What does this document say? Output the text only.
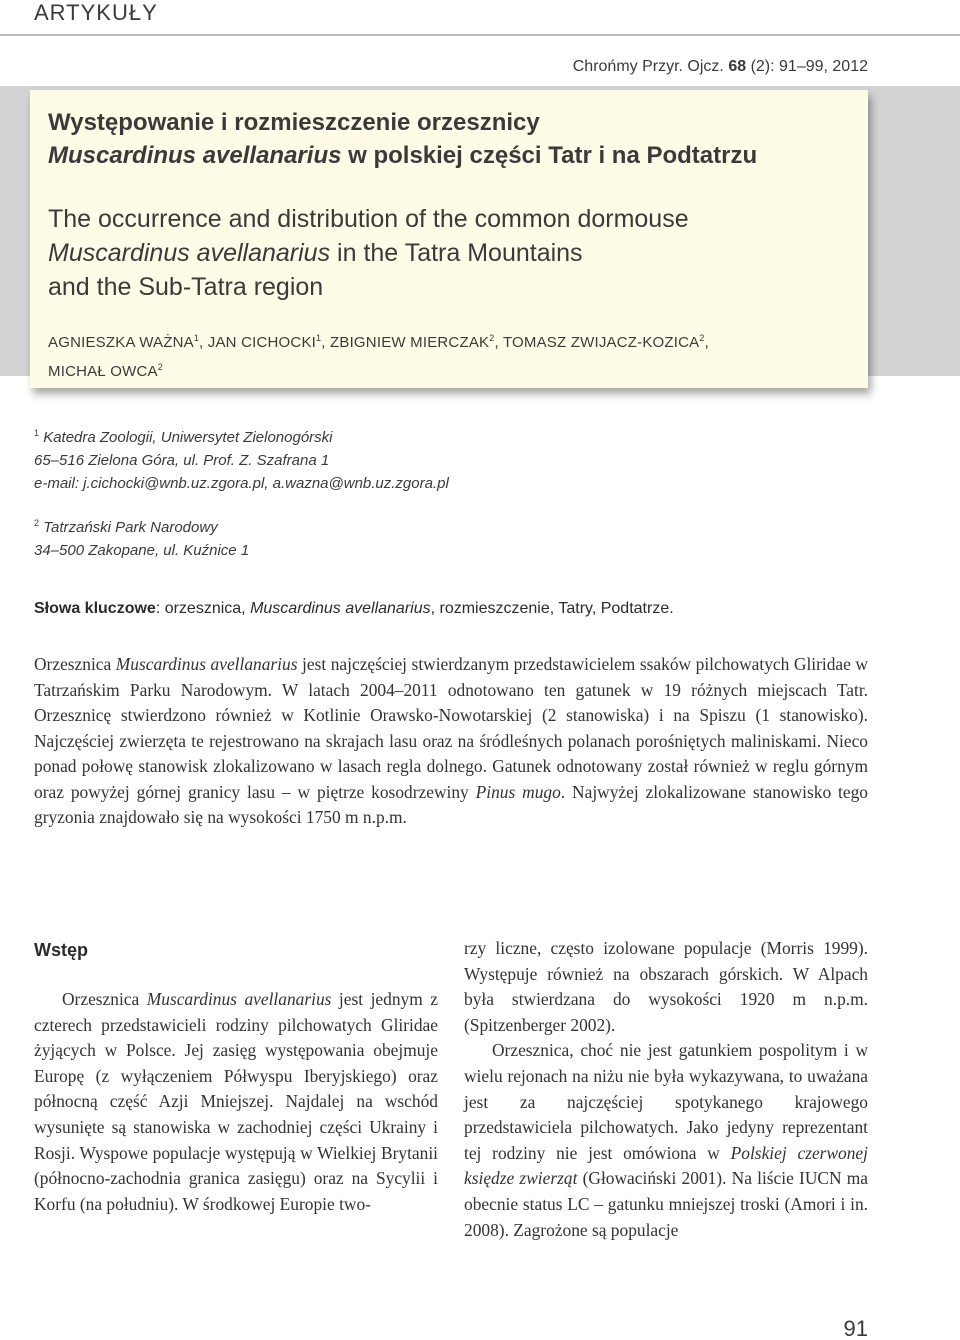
ARTYKUŁY
Chrońmy Przyr. Ojcz. 68 (2): 91–99, 2012
Występowanie i rozmieszczenie orzesznicy
Muscardinus avellanarius w polskiej części Tatr i na Podtatrzu
The occurrence and distribution of the common dormouse
Muscardinus avellanarius in the Tatra Mountains
and the Sub-Tatra region
AGNIESZKA WAŻNA$^1$, JAN CICHOCKI$^1$, ZBIGNIEW MIERCZAK$^2$, TOMASZ ZWIJACZ-KOZICA$^2$,
MICHAŁ OWCA$^2$
$^1$ Katedra Zoologii, Uniwersytet Zielonogórski
65–516 Zielona Góra, ul. Prof. Z. Szafrana 1
e-mail: j.cichocki@wnb.uz.zgora.pl, a.wazna@wnb.uz.zgora.pl
$^2$ Tatrzański Park Narodowy
34–500 Zakopane, ul. Kuźnice 1
Słowa kluczowe: orzesznica, Muscardinus avellanarius, rozmieszczenie, Tatry, Podtatrze.
Orzesznica Muscardinus avellanarius jest najczęściej stwierdzanym przedstawicielem ssaków pilchowatych Gliridae w Tatrzańskim Parku Narodowym. W latach 2004–2011 odnotowano ten gatunek w 19 różnych miejscach Tatr. Orzesznicę stwierdzono również w Kotlinie Orawsko-Nowotarskiej (2 stanowiska) i na Spiszu (1 stanowisko). Najczęściej zwierzęta te rejestrowano na skrajach lasu oraz na śródleśnych polanach porośniętych maliniskami. Nieco ponad połowę stanowisk zlokalizowano w lasach regla dolnego. Gatunek odnotowany został również w reglu górnym oraz powyżej górnej granicy lasu – w piętrze kosodrzewiny Pinus mugo. Najwyżej zlokalizowane stanowisko tego gryzonia znajdowało się na wysokości 1750 m n.p.m.
Wstęp
Orzesznica Muscardinus avellanarius jest jednym z czterech przedstawicieli rodziny pilchowatych Gliridae żyjących w Polsce. Jej zasięg występowania obejmuje Europę (z wyłączeniem Półwyspu Iberyjskiego) oraz północną część Azji Mniejszej. Najdalej na wschód wysunięte są stanowiska w zachodniej części Ukrainy i Rosji. Wyspowe populacje występują w Wielkiej Brytanii (północno-zachodnia granica zasięgu) oraz na Sycylii i Korfu (na południu). W środkowej Europie two-

rzy liczne, często izolowane populacje (Morris 1999). Występuje również na obszarach górskich. W Alpach była stwierdzana do wysokości 1920 m n.p.m. (Spitzenberger 2002).

Orzesznica, choć nie jest gatunkiem pospolitym i w wielu rejonach na niżu nie była wykazywana, to uważana jest za najczęściej spotykanego krajowego przedstawiciela pilchowatych. Jako jedyny reprezentant tej rodziny nie jest omówiona w Polskiej czerwonej księdze zwierząt (Głowaciński 2001). Na liście IUCN ma obecnie status LC – gatunku mniejszej troski (Amori i in. 2008). Zagrożone są populacje

91
